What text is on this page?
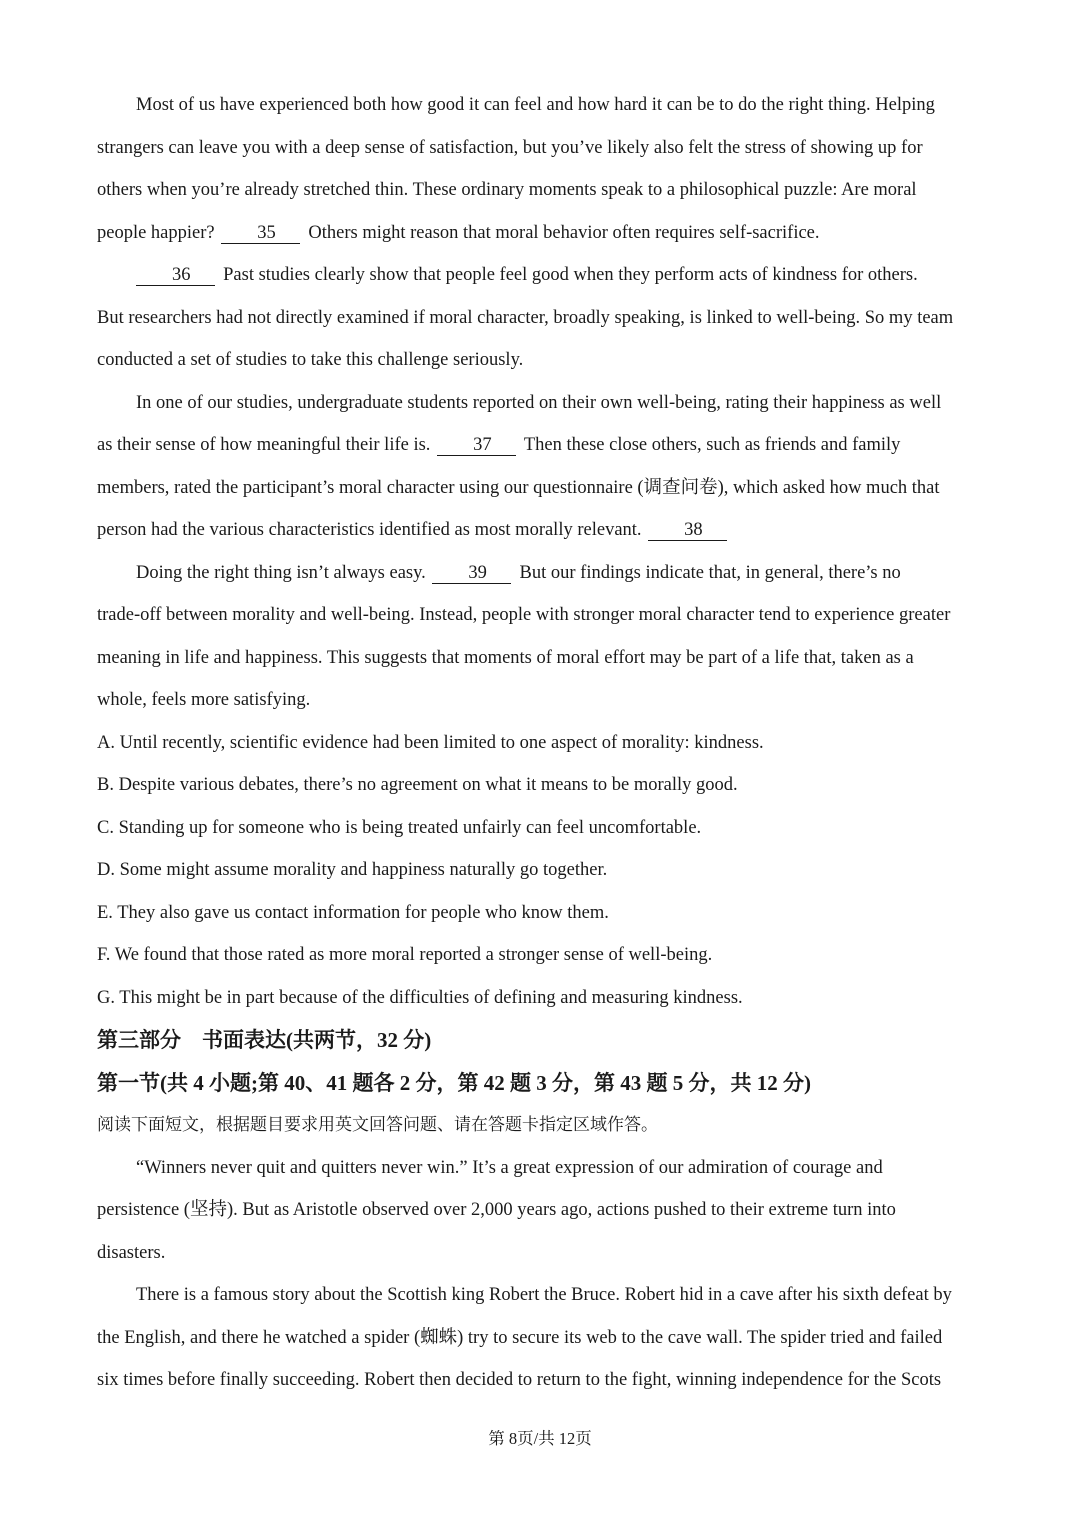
Most of us have experienced both how good it can feel and how hard it can be to do the right thing. Helping
strangers can leave you with a deep sense of satisfaction, but you’ve likely also felt the stress of showing up for
others when you’re already stretched thin. These ordinary moments speak to a philosophical puzzle: Are moral
people happier? 35 Others might reason that moral behavior often requires self-sacrifice.
36 Past studies clearly show that people feel good when they perform acts of kindness for others.
But researchers had not directly examined if moral character, broadly speaking, is linked to well-being. So my team
conducted a set of studies to take this challenge seriously.
In one of our studies, undergraduate students reported on their own well-being, rating their happiness as well
as their sense of how meaningful their life is. 37 Then these close others, such as friends and family
members, rated the participant’s moral character using our questionnaire (调查问卷), which asked how much that
person had the various characteristics identified as most morally relevant. 38
Doing the right thing isn’t always easy. 39 But our findings indicate that, in general, there’s no
trade-off between morality and well-being. Instead, people with stronger moral character tend to experience greater
meaning in life and happiness. This suggests that moments of moral effort may be part of a life that, taken as a
whole, feels more satisfying.
A. Until recently, scientific evidence had been limited to one aspect of morality: kindness.
B. Despite various debates, there’s no agreement on what it means to be morally good.
C. Standing up for someone who is being treated unfairly can feel uncomfortable.
D. Some might assume morality and happiness naturally go together.
E. They also gave us contact information for people who know them.
F. We found that those rated as more moral reported a stronger sense of well-being.
G. This might be in part because of the difficulties of defining and measuring kindness.
第三部分　书面表达(共两节，32 分)
第一节(共 4 小题;第 40、41 题各 2 分，第 42 题 3 分，第 43 题 5 分，共 12 分)
阅读下面短文，根据题目要求用英文回答问题、请在答题卡指定区域作答。
“Winners never quit and quitters never win.” It’s a great expression of our admiration of courage and
persistence (坚持). But as Aristotle observed over 2,000 years ago, actions pushed to their extreme turn into
disasters.
There is a famous story about the Scottish king Robert the Bruce. Robert hid in a cave after his sixth defeat by
the English, and there he watched a spider (蜘蛛) try to secure its web to the cave wall. The spider tried and failed
six times before finally succeeding. Robert then decided to return to the fight, winning independence for the Scots
第 8页/共 12页
